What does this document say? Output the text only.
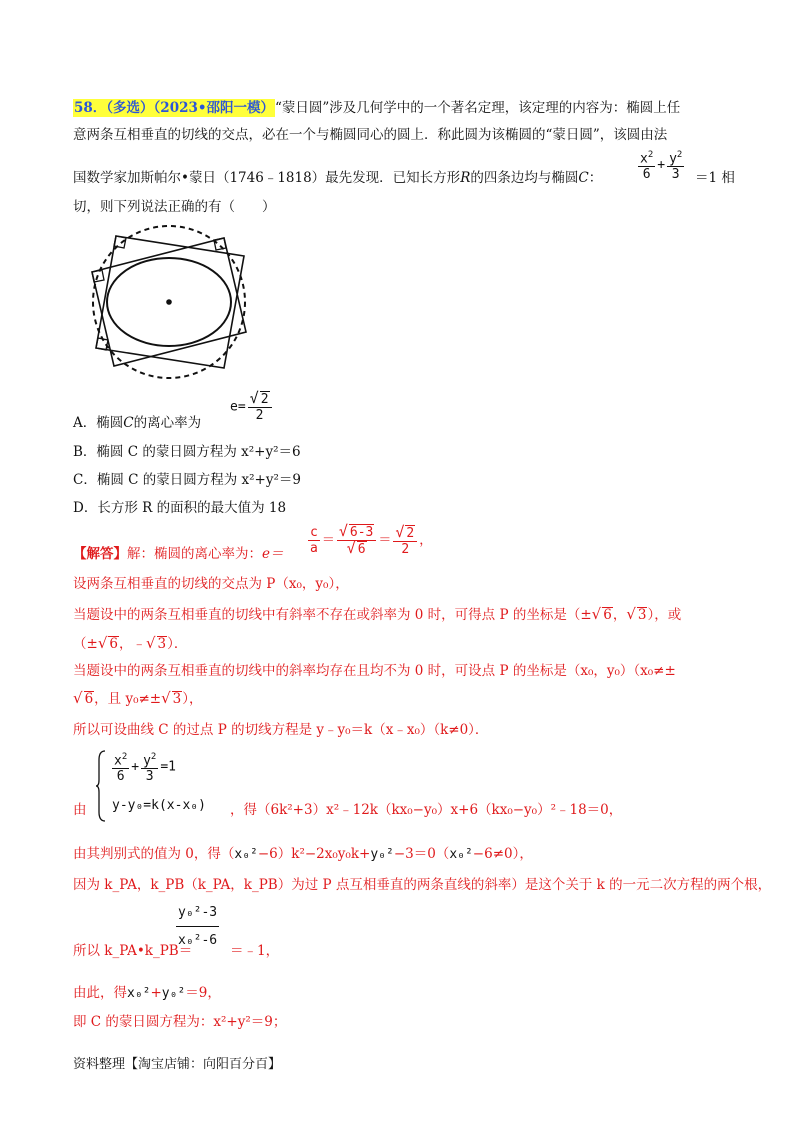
58．（多选）（2023•邵阳一模）“蒙日圆”涉及几何学中的一个著名定理，该定理的内容为：椭圆上任
意两条互相垂直的切线的交点，必在一个与椭圆同心的圆上．称此圆为该椭圆的“蒙日圆”，该圆由法
国数学家加斯帕尔•蒙日（1746﹣1818）最先发现．已知长方形R的四条边均与椭圆C：	$\frac{x^2}{6} + \frac{y^2}{3} =1$ 相
切，则下列说法正确的有（　　）
A．椭圆C的离心率为
$e= \frac{√ 2}{2}$
B．椭圆 C 的蒙日圆方程为 x²+y²＝6
C．椭圆 C 的蒙日圆方程为 x²+y²＝9
D．长方形 R 的面积的最大值为 18
【解答】解：椭圆的离心率为：$e= \frac{c}{a} = \frac{√ 6-3}{√ 6} = \frac{√ 2}{2}$ ，
设两条互相垂直的切线的交点为 P（x₀，y₀），
当题设中的两条互相垂直的切线中有斜率不存在或斜率为 0 时，可得点 P 的坐标是（±√ 6，√ 3），或
（±√ 6，﹣√ 3）．
当题设中的两条互相垂直的切线中的斜率均存在且均不为 0 时，可设点 P 的坐标是（x₀，y₀）（x₀≠±
√ 6，且 y₀≠±√ 3），
所以可设曲线 C 的过点 P 的切线方程是 y﹣y₀＝k（x﹣x₀）（k≠0）．
$\frac{x^2}{6} + \frac{y^2}{3} =1$
y-y₀=k(x-x₀)
由	，得（6k²+3）x²﹣12k（kx₀−y₀）x+6（kx₀−y₀）²﹣18＝0，
由其判别式的值为 0，得（x₀²−6）k²−2x₀y₀k+y₀²−3＝0（x₀²−6≠0），
因为 k_PA，k_PB（k_PA，k_PB）为过 P 点互相垂直的两条直线的斜率）是这个关于 k 的一元二次方程的两个根，
所以 k_PA•k_PB＝
$\frac{\text{y₀²-3}}{\text{x₀²-6}}$
＝﹣1，
由此，得x₀²+y₀²＝9，
即 C 的蒙日圆方程为：x²+y²＝9；
资料整理【淘宝店铺：向阳百分百】
